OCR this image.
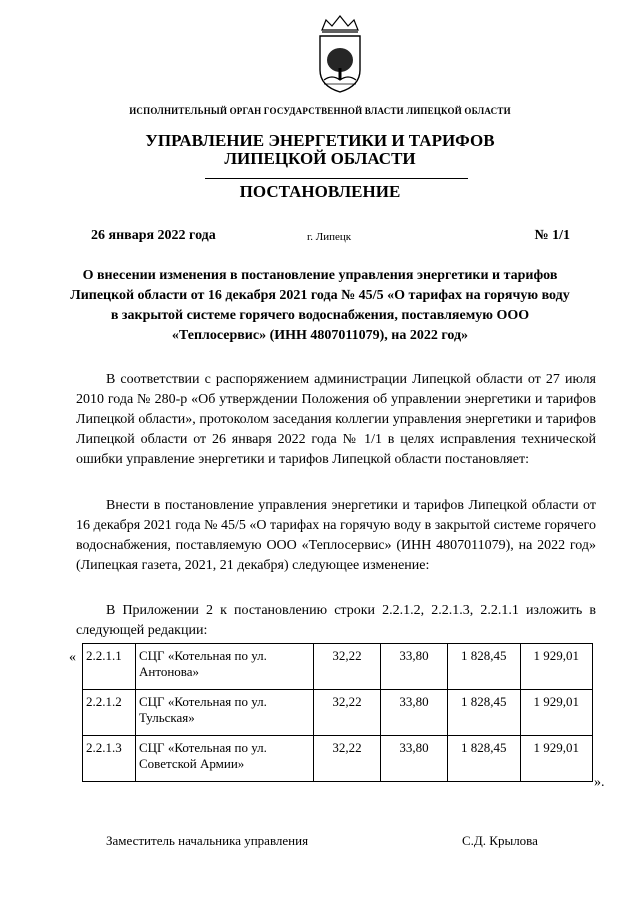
ИСПОЛНИТЕЛЬНЫЙ ОРГАН ГОСУДАРСТВЕННОЙ ВЛАСТИ ЛИПЕЦКОЙ ОБЛАСТИ
УПРАВЛЕНИЕ ЭНЕРГЕТИКИ И ТАРИФОВ
ЛИПЕЦКОЙ ОБЛАСТИ
ПОСТАНОВЛЕНИЕ
26 января 2022 года	г. Липецк	№ 1/1
О внесении изменения в постановление управления энергетики и тарифов Липецкой области от 16 декабря 2021 года № 45/5 «О тарифах на горячую воду в закрытой системе горячего водоснабжения, поставляемую ООО «Теплосервис» (ИНН 4807011079), на 2022 год»
В соответствии с распоряжением администрации Липецкой области от 27 июля 2010 года № 280-р «Об утверждении Положения об управлении энергетики и тарифов Липецкой области», протоколом заседания коллегии управления энергетики и тарифов Липецкой области от 26 января 2022 года № 1/1 в целях исправления технической ошибки управление энергетики и тарифов Липецкой области постановляет:
Внести в постановление управления энергетики и тарифов Липецкой области от 16 декабря 2021 года № 45/5 «О тарифах на горячую воду в закрытой системе горячего водоснабжения, поставляемую ООО «Теплосервис» (ИНН 4807011079), на 2022 год» (Липецкая газета, 2021, 21 декабря) следующее изменение:
В Приложении 2 к постановлению строки 2.2.1.2, 2.2.1.3, 2.2.1.1 изложить в следующей редакции:
« 2.2.1.1	СЦГ «Котельная по ул. Антонова»	32,22	33,80	1 828,45	1 929,01
2.2.1.2	СЦГ «Котельная по ул. Тульская»	32,22	33,80	1 828,45	1 929,01
2.2.1.3	СЦГ «Котельная по ул. Советской Армии»	32,22	33,80	1 828,45	1 929,01
».
Заместитель начальника управления	С.Д. Крылова
